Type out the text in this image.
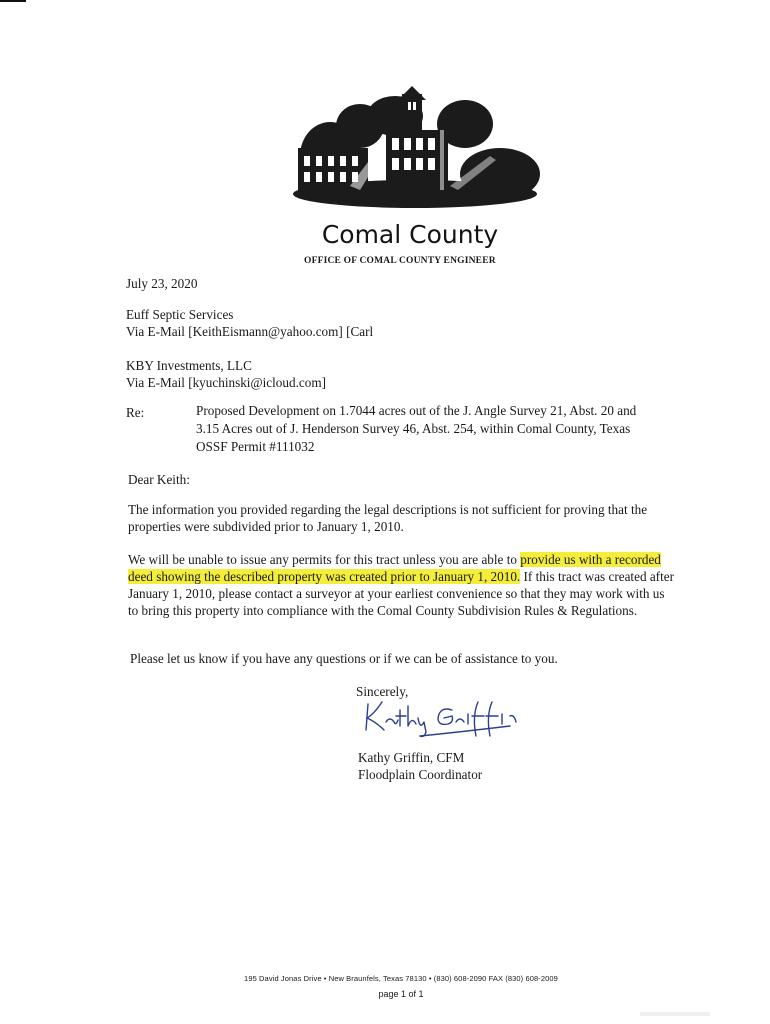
Comal County
OFFICE OF COMAL COUNTY ENGINEER
July 23, 2020
Euff Septic Services
Via E-Mail [KeithEismann@yahoo.com] [Carl
KBY Investments, LLC
Via E-Mail [kyuchinski@icloud.com]
Re:	Proposed Development on 1.7044 acres out of the J. Angle Survey 21, Abst. 20 and
3.15 Acres out of J. Henderson Survey 46, Abst. 254, within Comal County, Texas
OSSF Permit #111032
Dear Keith:
The information you provided regarding the legal descriptions is not sufficient for proving that the properties were subdivided prior to January 1, 2010.
We will be unable to issue any permits for this tract unless you are able to provide us with a recorded deed showing the described property was created prior to January 1, 2010. If this tract was created after January 1, 2010, please contact a surveyor at your earliest convenience so that they may work with us to bring this property into compliance with the Comal County Subdivision Rules & Regulations.
Please let us know if you have any questions or if we can be of assistance to you.
Sincerely,
Kathy Griffin, CFM
Floodplain Coordinator
195 David Jonas Drive • New Braunfels, Texas 78130 • (830) 608-2090 FAX (830) 608-2009
page 1 of 1
